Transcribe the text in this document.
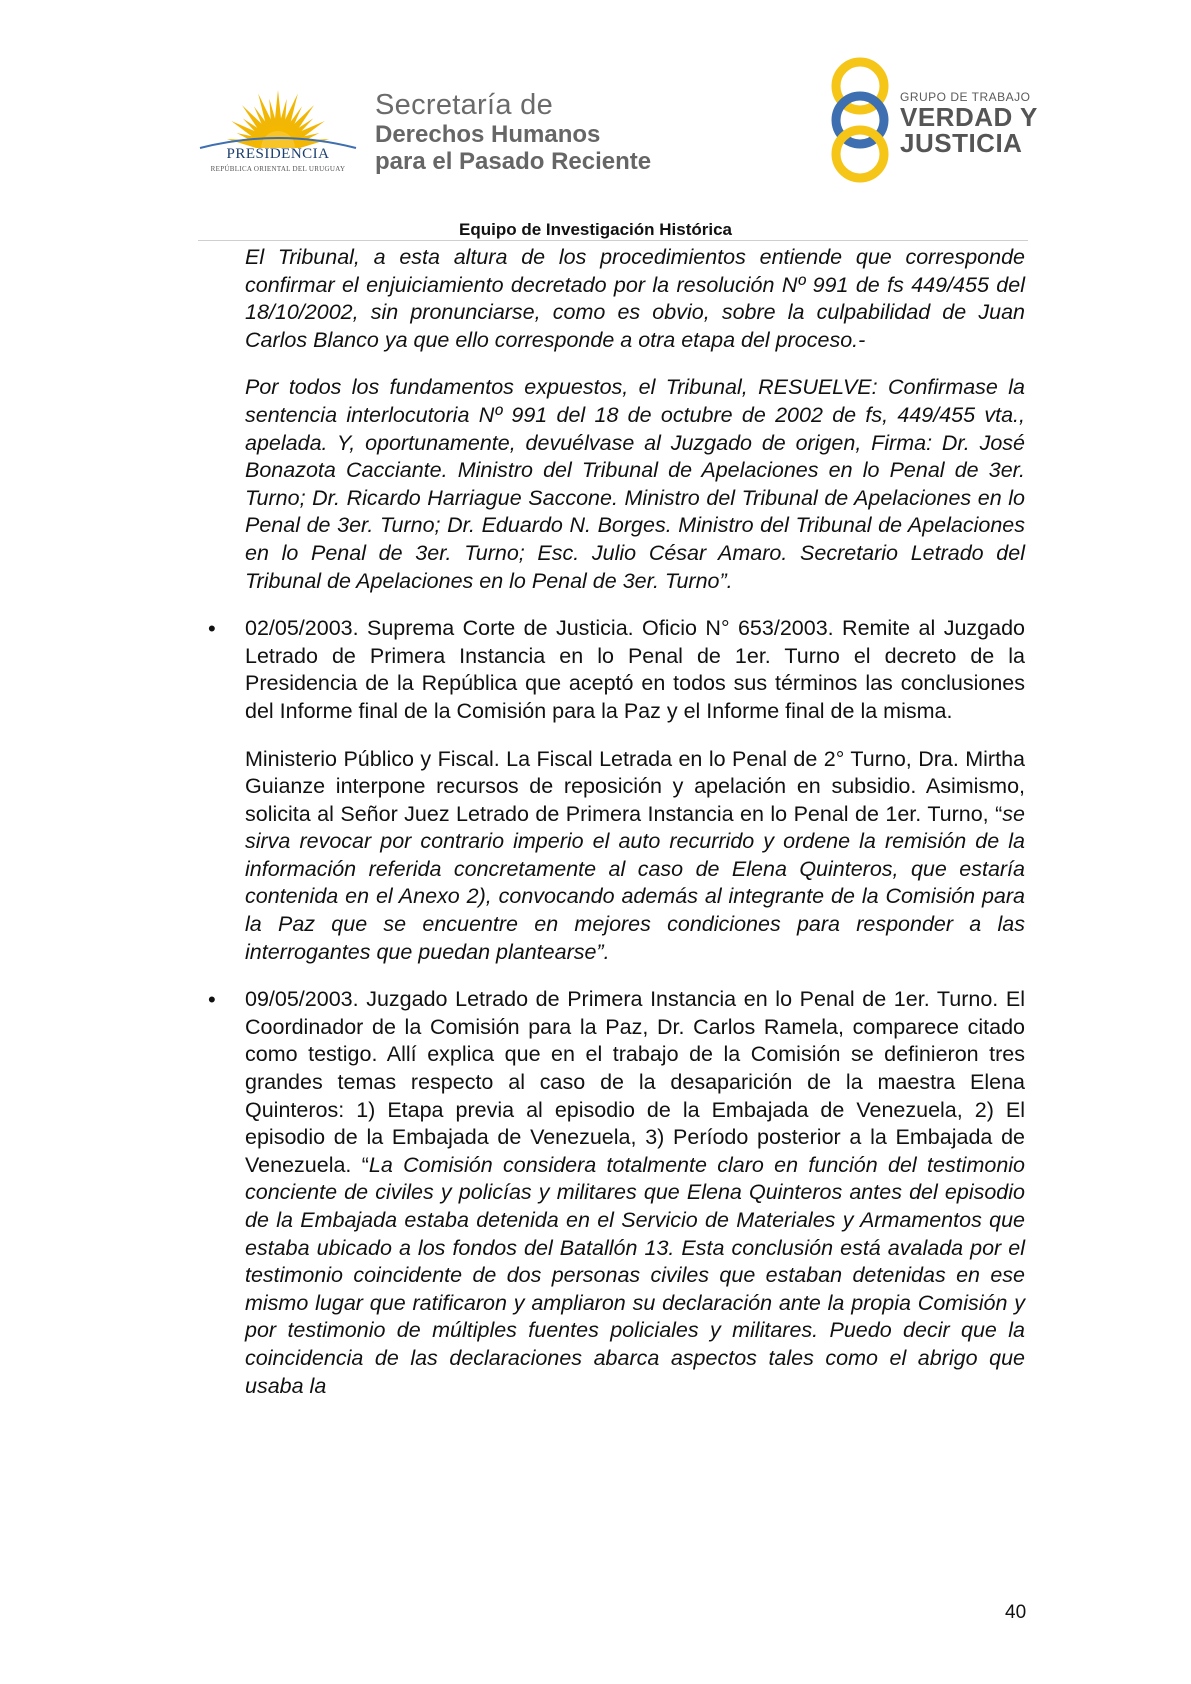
PRESIDENCIA
REPÚBLICA ORIENTAL DEL URUGUAY
Secretaría de
Derechos Humanos
para el Pasado Reciente
GRUPO DE TRABAJO
VERDAD Y
JUSTICIA
Equipo de Investigación Histórica

El Tribunal, a esta altura de los procedimientos entiende que corresponde confirmar el enjuiciamiento decretado por la resolución Nº 991 de fs 449/455 del 18/10/2002, sin pronunciarse, como es obvio, sobre la culpabilidad de Juan Carlos Blanco ya que ello corresponde a otra etapa del proceso.-

Por todos los fundamentos expuestos, el Tribunal, RESUELVE: Confirmase la sentencia interlocutoria Nº 991 del 18 de octubre de 2002 de fs, 449/455 vta., apelada. Y, oportunamente, devuélvase al Juzgado de origen, Firma: Dr. José Bonazota Cacciante. Ministro del Tribunal de Apelaciones en lo Penal de 3er. Turno; Dr. Ricardo Harriague Saccone. Ministro del Tribunal de Apelaciones en lo Penal de 3er. Turno; Dr. Eduardo N. Borges. Ministro del Tribunal de Apelaciones en lo Penal de 3er. Turno; Esc. Julio César Amaro. Secretario Letrado del Tribunal de Apelaciones en lo Penal de 3er. Turno”.

• 02/05/2003. Suprema Corte de Justicia. Oficio N° 653/2003. Remite al Juzgado Letrado de Primera Instancia en lo Penal de 1er. Turno el decreto de la Presidencia de la República que aceptó en todos sus términos las conclusiones del Informe final de la Comisión para la Paz y el Informe final de la misma.

Ministerio Público y Fiscal. La Fiscal Letrada en lo Penal de 2° Turno, Dra. Mirtha Guianze interpone recursos de reposición y apelación en subsidio. Asimismo, solicita al Señor Juez Letrado de Primera Instancia en lo Penal de 1er. Turno, “se sirva revocar por contrario imperio el auto recurrido y ordene la remisión de la información referida concretamente al caso de Elena Quinteros, que estaría contenida en el Anexo 2), convocando además al integrante de la Comisión para la Paz que se encuentre en mejores condiciones para responder a las interrogantes que puedan plantearse”.

• 09/05/2003. Juzgado Letrado de Primera Instancia en lo Penal de 1er. Turno. El Coordinador de la Comisión para la Paz, Dr. Carlos Ramela, comparece citado como testigo. Allí explica que en el trabajo de la Comisión se definieron tres grandes temas respecto al caso de la desaparición de la maestra Elena Quinteros: 1) Etapa previa al episodio de la Embajada de Venezuela, 2) El episodio de la Embajada de Venezuela, 3) Período posterior a la Embajada de Venezuela. “La Comisión considera totalmente claro en función del testimonio conciente de civiles y policías y militares que Elena Quinteros antes del episodio de la Embajada estaba detenida en el Servicio de Materiales y Armamentos que estaba ubicado a los fondos del Batallón 13. Esta conclusión está avalada por el testimonio coincidente de dos personas civiles que estaban detenidas en ese mismo lugar que ratificaron y ampliaron su declaración ante la propia Comisión y por testimonio de múltiples fuentes policiales y militares. Puedo decir que la coincidencia de las declaraciones abarca aspectos tales como el abrigo que usaba la

40
